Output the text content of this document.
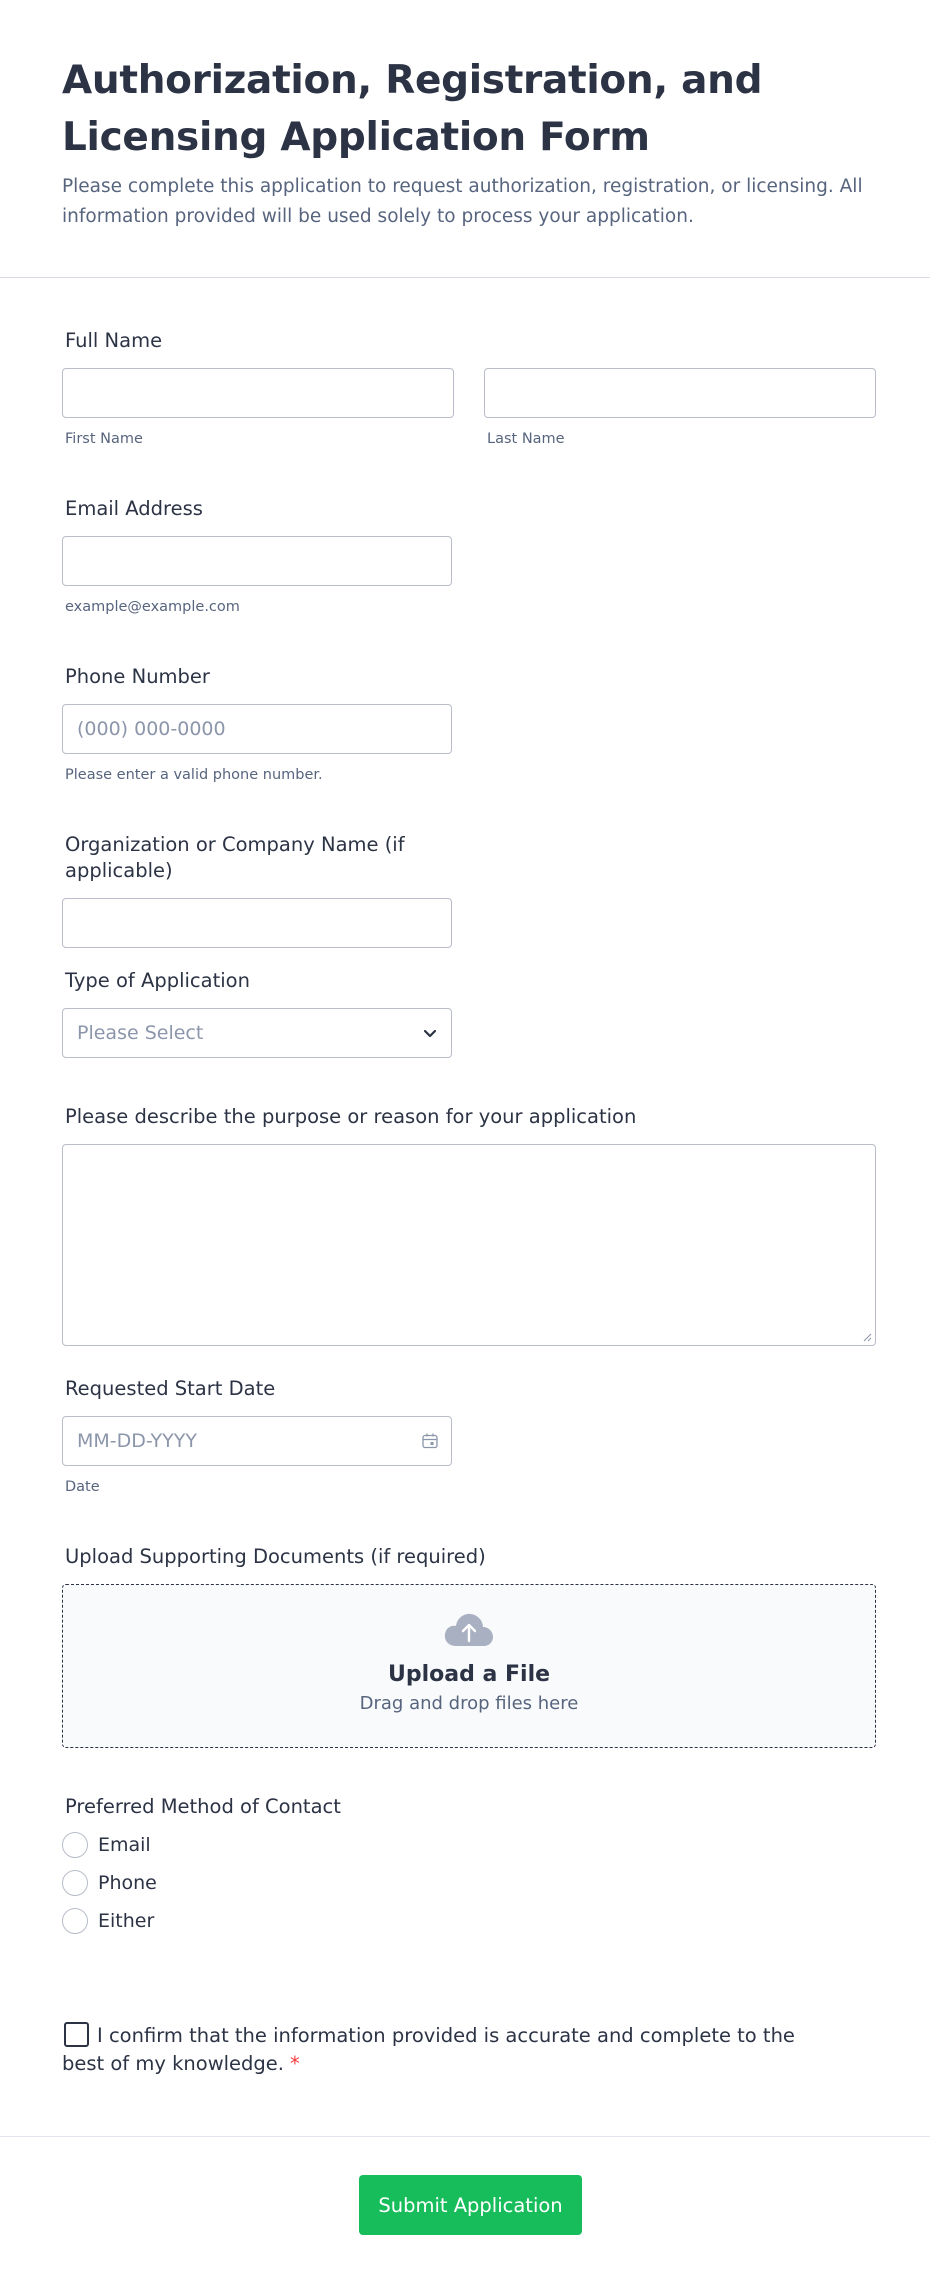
Authorization, Registration, and Licensing Application Form

Please complete this application to request authorization, registration, or licensing. All information provided will be used solely to process your application.

Full Name
First Name	Last Name
Email Address
example@example.com
Phone Number
(000) 000-0000
Please enter a valid phone number.
Organization or Company Name (if applicable)
Type of Application
Please Select
Please describe the purpose or reason for your application
Requested Start Date
MM-DD-YYYY
Date
Upload Supporting Documents (if required)
Upload a File
Drag and drop files here
Preferred Method of Contact
Email
Phone
Either
I confirm that the information provided is accurate and complete to the best of my knowledge. *
Submit Application
